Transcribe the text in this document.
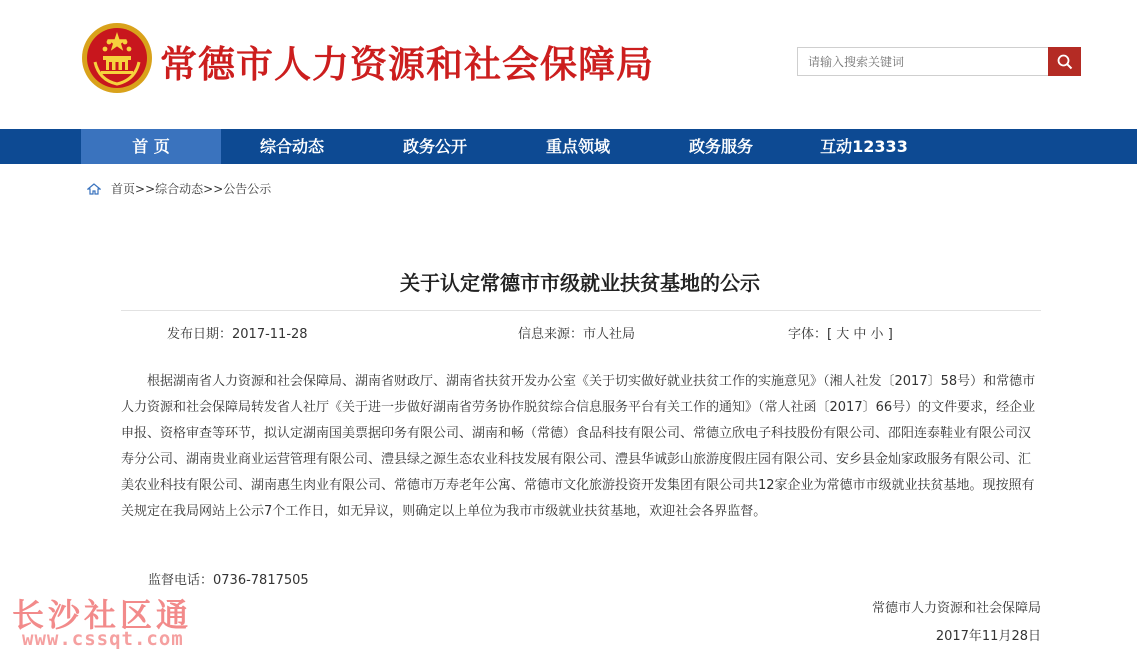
常德市人力资源和社会保障局
请输入搜索关键词
首 页	综合动态	政务公开	重点领域	政务服务	互动12333
首页 >> 综合动态 >> 公告公示
关于认定常德市市级就业扶贫基地的公示
发布日期：2017-11-28	信息来源：市人社局	字体：[ 大 中 小 ]
根据湖南省人力资源和社会保障局、湖南省财政厅、湖南省扶贫开发办公室《关于切实做好就业扶贫工作的实施意见》（湘人社发〔2017〕58号）和常德市人力资源和社会保障局转发省人社厅《关于进一步做好湖南省劳务协作脱贫综合信息服务平台有关工作的通知》（常人社函〔2017〕66号）的文件要求，经企业申报、资格审查等环节，拟认定湖南国美票据印务有限公司、湖南和畅（常德）食品科技有限公司、常德立欣电子科技股份有限公司、邵阳连泰鞋业有限公司汉寿分公司、湖南贵业商业运营管理有限公司、澧县绿之源生态农业科技发展有限公司、澧县华诚彭山旅游度假庄园有限公司、安乡县金灿家政服务有限公司、汇美农业科技有限公司、湖南惠生肉业有限公司、常德市万寿老年公寓、常德市文化旅游投资开发集团有限公司共12家企业为常德市市级就业扶贫基地。现按照有关规定在我局网站上公示7个工作日，如无异议，则确定以上单位为我市市级就业扶贫基地，欢迎社会各界监督。
监督电话：0736-7817505
常德市人力资源和社会保障局
2017年11月28日
长沙社区通
www.cssqt.com
